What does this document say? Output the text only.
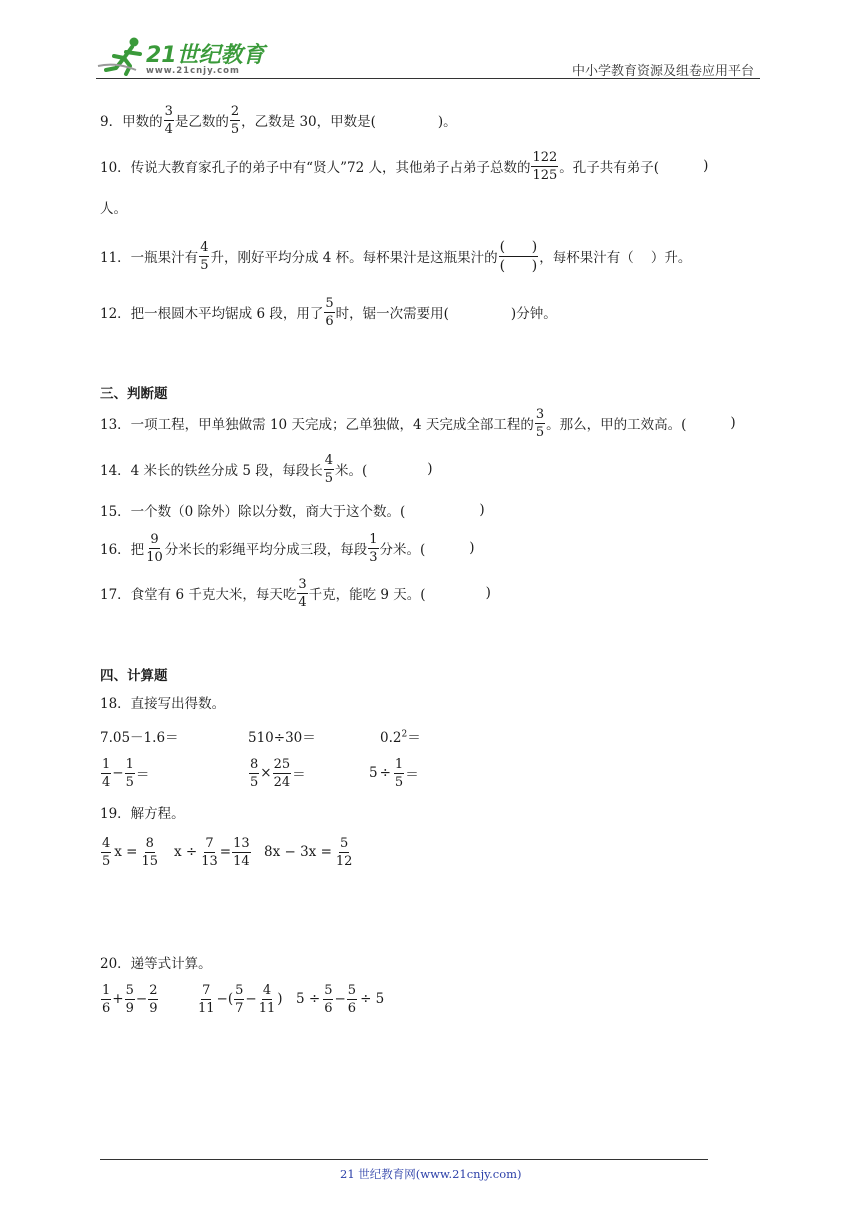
21世纪教育
www.21cnjy.com	中小学教育资源及组卷应用平台
9．甲数的 $\frac{3}{4}$ 是乙数的 $\frac{2}{5}$ ，乙数是 30，甲数是(	)。
10．传说大教育家孔子的弟子中有“贤人”72 人，其他弟子占弟子总数的 $\frac{122}{125}$ 。孔子共有弟子(	)
人。
11．一瓶果汁有 $\frac{4}{5}$ 升，刚好平均分成 4 杯。每杯果汁是这瓶果汁的 $\frac{( )}{( )}$ ，每杯果汁有（    ）升。
12．把一根圆木平均锯成 6 段，用了 $\frac{5}{6}$ 时，锯一次需要用(	)分钟。
三、判断题
13．一项工程，甲单独做需 10 天完成；乙单独做，4 天完成全部工程的 $\frac{3}{5}$ 。那么，甲的工效高。(	)
14．4 米长的铁丝分成 5 段，每段长 $\frac{4}{5}$ 米。(	)
15．一个数（0 除外）除以分数，商大于这个数。(	)
16．把 $\frac{9}{10}$ 分米长的彩绳平均分成三段，每段 $\frac{1}{3}$ 分米。(	)
17．食堂有 6 千克大米，每天吃 $\frac{3}{4}$ 千克，能吃 9 天。(	)
四、计算题
18．直接写出得数。
7.05－1.6＝	510÷30＝	$0.2^2=$
$\frac{1}{4} - \frac{1}{5}$ ＝	$\frac{8}{5} \times \frac{25}{24}$ ＝	$5 \div \frac{1}{5}$ ＝
19．解方程。
$\frac{4}{5}$ $x = \frac{8}{15}$ $x \div \frac{7}{13} = \frac{13}{14} 8x - 3x = \frac{5}{12}$
20．递等式计算。
$\frac{1}{6} + \frac{5}{9} - \frac{2}{9}$	$\frac{7}{11}$ −( $\frac{5}{7} - \frac{4}{11}$ ) $5 \div \frac{5}{6} - \frac{5}{6} \div 5$
21 世纪教育网(www.21cnjy.com)
